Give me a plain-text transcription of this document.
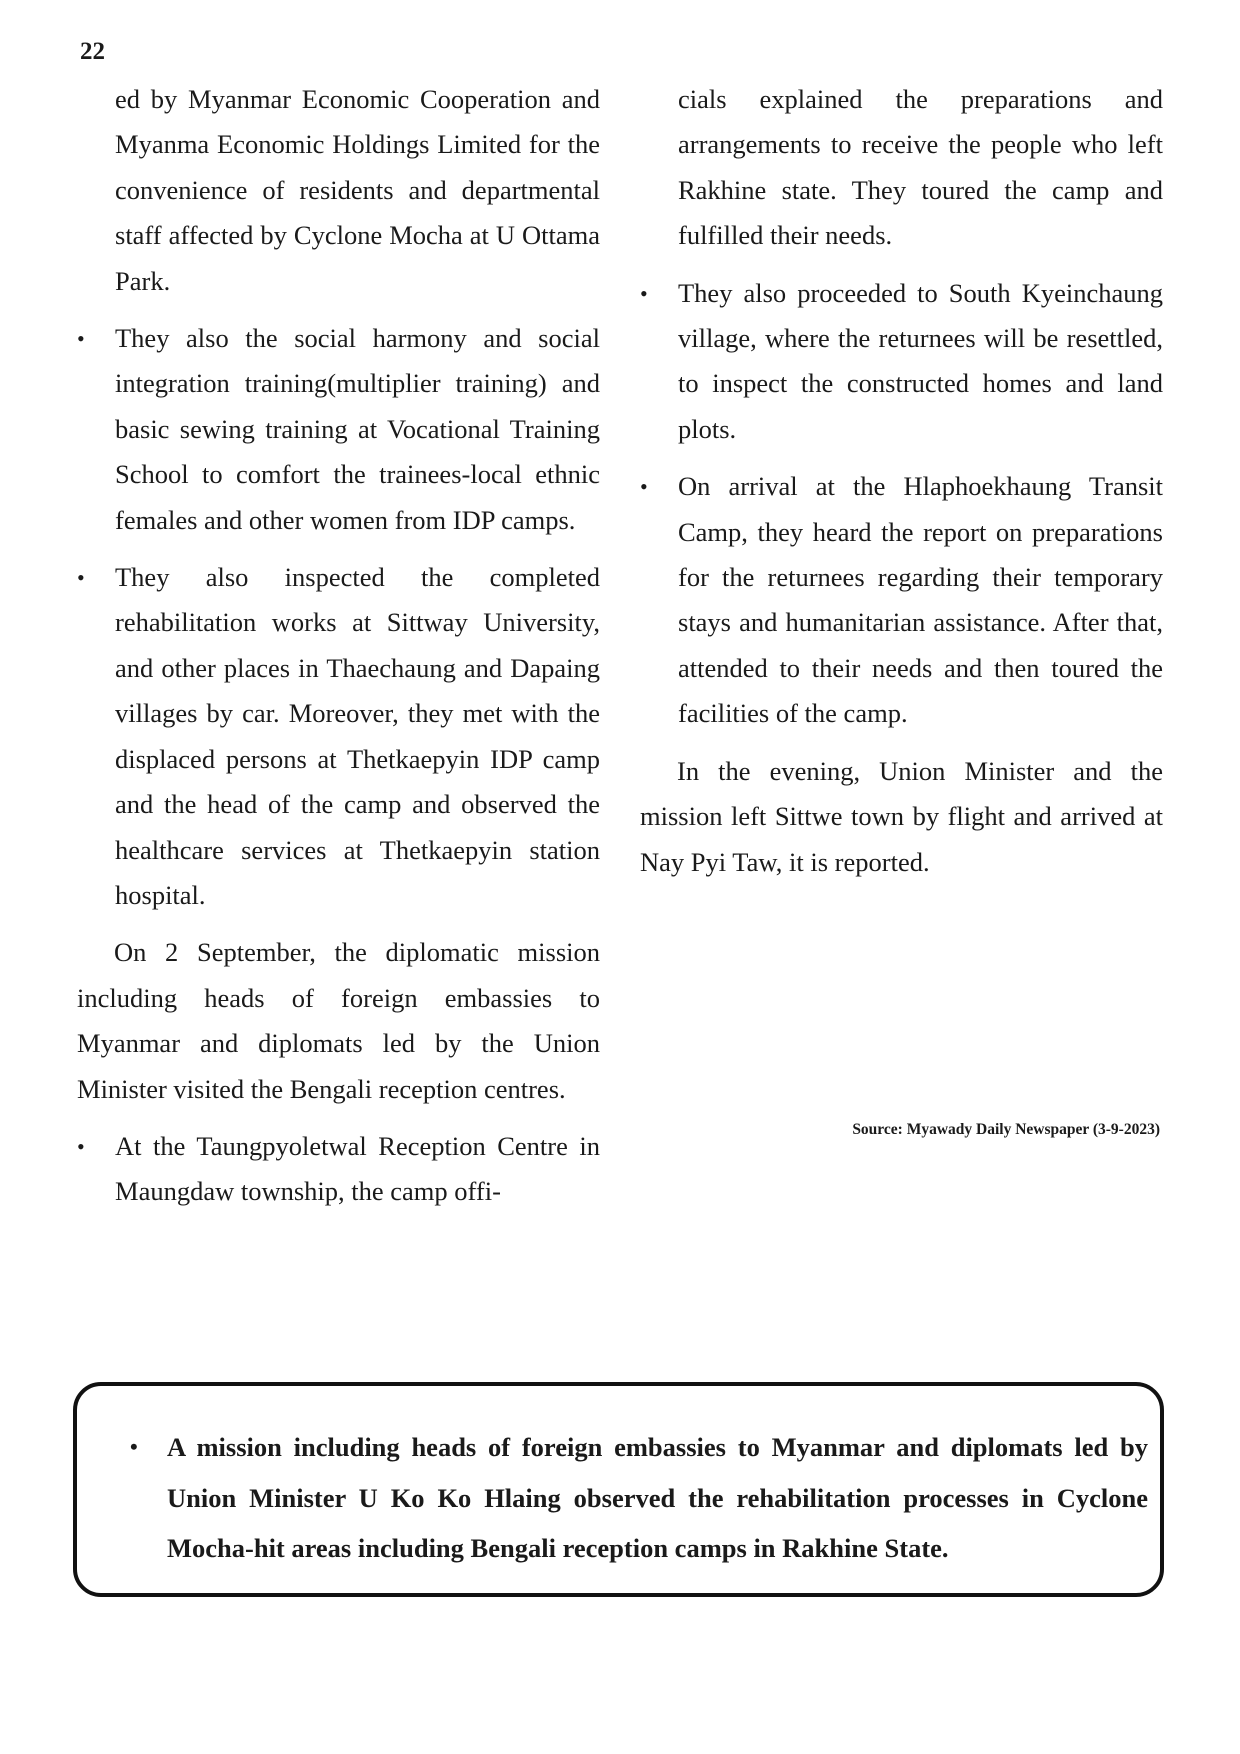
22

ed by Myanmar Economic Cooperation and Myanma Economic Holdings Limited for the convenience of residents and departmental staff affected by Cyclone Mocha at U Ottama Park.

•	They also the social harmony and social integration training(multiplier training) and basic sewing training at Vocational Training School to comfort the trainees-local ethnic females and other women from IDP camps.

•	They also inspected the completed rehabilitation works at Sittway University, and other places in Thaechaung and Dapaing villages by car. Moreover, they met with the displaced persons at Thetkaepyin IDP camp and the head of the camp and observed the healthcare services at Thetkaepyin station hospital.

On 2 September, the diplomatic mission including heads of foreign embassies to Myanmar and diplomats led by the Union Minister visited the Bengali reception centres.

•	At the Taungpyoletwal Reception Centre in Maungdaw township, the camp offi-

cials explained the preparations and arrangements to receive the people who left Rakhine state. They toured the camp and fulfilled their needs.

•	They also proceeded to South Kyeinchaung village, where the returnees will be resettled, to inspect the constructed homes and land plots.

•	On arrival at the Hlaphoekhaung Transit Camp, they heard the report on preparations for the returnees regarding their temporary stays and humanitarian assistance. After that, attended to their needs and then toured the facilities of the camp.

In the evening, Union Minister and the mission left Sittwe town by flight and arrived at Nay Pyi Taw, it is reported.

Source: Myawady Daily Newspaper (3-9-2023)
•	A mission including heads of foreign embassies to Myanmar and diplomats led by Union Minister U Ko Ko Hlaing observed the rehabilitation processes in Cyclone Mocha-hit areas including Bengali reception camps in Rakhine State.
